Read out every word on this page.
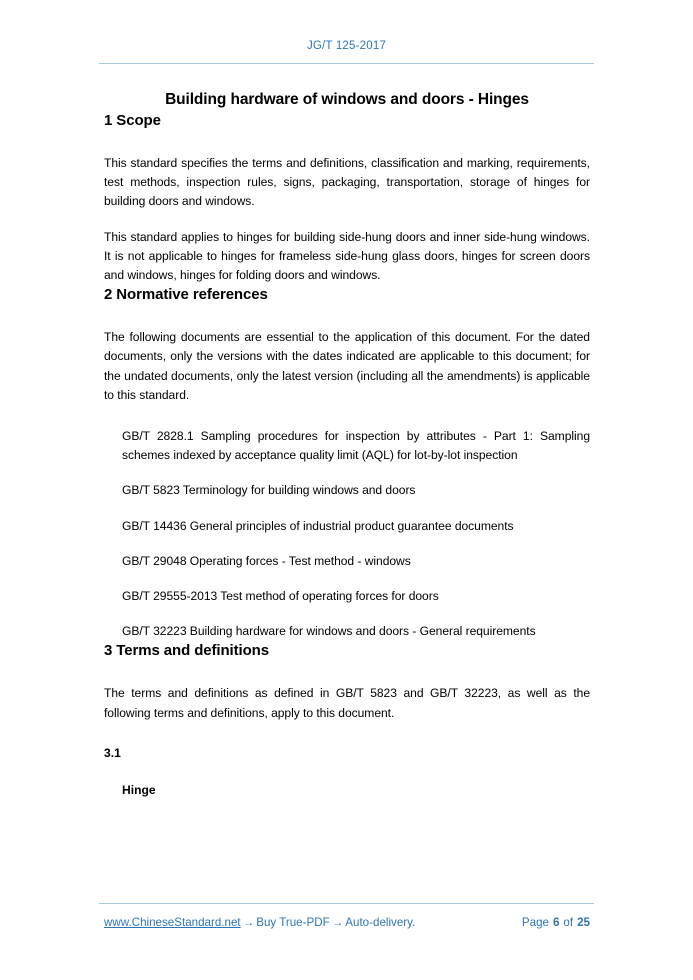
JG/T 125-2017
Building hardware of windows and doors - Hinges
1 Scope

This standard specifies the terms and definitions, classification and marking, requirements, test methods, inspection rules, signs, packaging, transportation, storage of hinges for building doors and windows.

This standard applies to hinges for building side-hung doors and inner side-hung windows. It is not applicable to hinges for frameless side-hung glass doors, hinges for screen doors and windows, hinges for folding doors and windows.

2 Normative references

The following documents are essential to the application of this document. For the dated documents, only the versions with the dates indicated are applicable to this document; for the undated documents, only the latest version (including all the amendments) is applicable to this standard.

GB/T 2828.1 Sampling procedures for inspection by attributes - Part 1: Sampling schemes indexed by acceptance quality limit (AQL) for lot-by-lot inspection

GB/T 5823 Terminology for building windows and doors

GB/T 14436 General principles of industrial product guarantee documents

GB/T 29048 Operating forces - Test method - windows

GB/T 29555-2013 Test method of operating forces for doors

GB/T 32223 Building hardware for windows and doors - General requirements

3 Terms and definitions

The terms and definitions as defined in GB/T 5823 and GB/T 32223, as well as the following terms and definitions, apply to this document.

3.1

Hinge

www.ChineseStandard.net → Buy True-PDF → Auto-delivery.	Page 6 of 25
